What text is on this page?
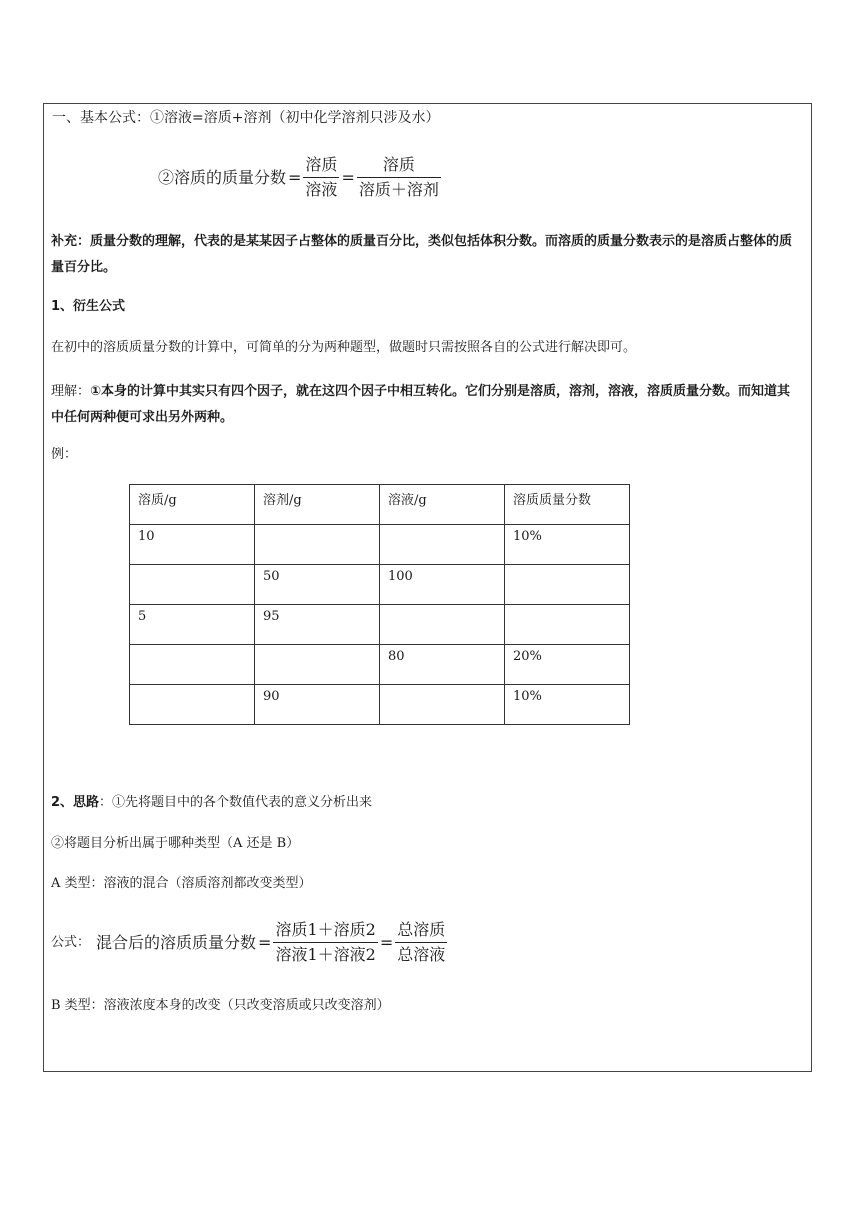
一、基本公式：①溶液=溶质+溶剂（初中化学溶剂只涉及水）
②溶质的质量分数 = $\frac{\text{溶质}}{\text{溶液}} = \frac{\text{溶质}}{\text{溶质＋溶剂}}$
补充：质量分数的理解，代表的是某某因子占整体的质量百分比，类似包括体积分数。而溶质的质量分数表示的是溶质占整体的质量百分比。
1、衍生公式
在初中的溶质质量分数的计算中，可简单的分为两种题型，做题时只需按照各自的公式进行解决即可。
理解：①本身的计算中其实只有四个因子，就在这四个因子中相互转化。它们分别是溶质，溶剂，溶液，溶质质量分数。而知道其中任何两种便可求出另外两种。
例：
溶质/g	溶剂/g	溶液/g	溶质质量分数

10			10%

	50	100	

5	95		

		80	20%

	90		10%
2、思路：①先将题目中的各个数值代表的意义分析出来
②将题目分析出属于哪种类型（A 还是 B）
A 类型：溶液的混合（溶质溶剂都改变类型）
公式： 混合后的溶质质量分数 = $\frac{\text{溶质1＋溶质2}}{\text{溶液1＋溶液2}} = \frac{\text{总溶质}}{\text{总溶液}}$
B 类型：溶液浓度本身的改变（只改变溶质或只改变溶剂）
